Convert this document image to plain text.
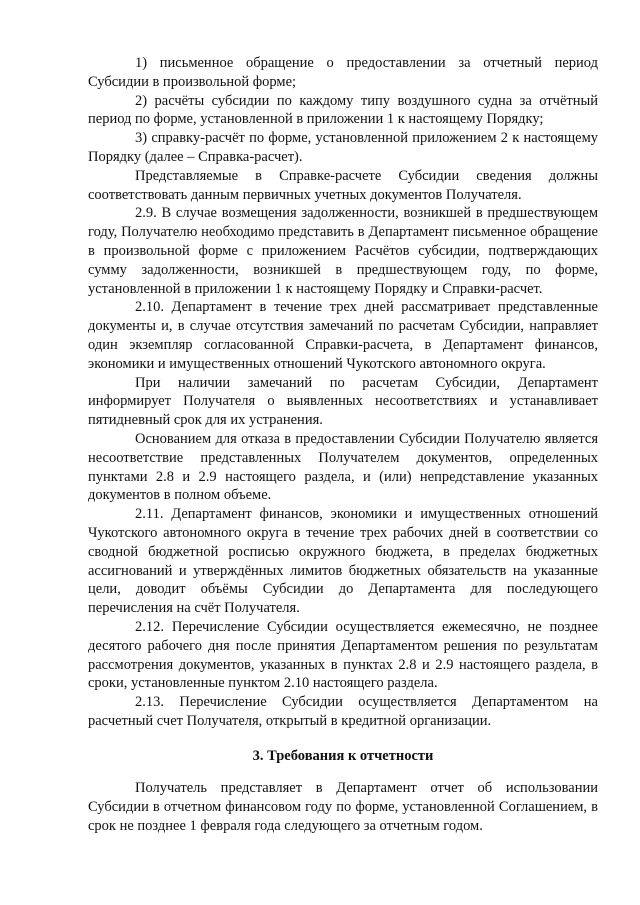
1) письменное обращение о предоставлении за отчетный период Субсидии в произвольной форме;

2) расчёты субсидии по каждому типу воздушного судна за отчётный период по форме, установленной в приложении 1 к настоящему Порядку;

3) справку-расчёт по форме, установленной приложением 2 к настоящему Порядку (далее – Справка-расчет).

Представляемые в Справке-расчете Субсидии сведения должны соответствовать данным первичных учетных документов Получателя.

2.9. В случае возмещения задолженности, возникшей в предшествующем году, Получателю необходимо представить в Департамент письменное обращение в произвольной форме с приложением Расчётов субсидии, подтверждающих сумму задолженности, возникшей в предшествующем году, по форме, установленной в приложении 1 к настоящему Порядку и Справки-расчет.

2.10. Департамент в течение трех дней рассматривает представленные документы и, в случае отсутствия замечаний по расчетам Субсидии, направляет один экземпляр согласованной Справки-расчета, в Департамент финансов, экономики и имущественных отношений Чукотского автономного округа.

При наличии замечаний по расчетам Субсидии, Департамент информирует Получателя о выявленных несоответствиях и устанавливает пятидневный срок для их устранения.

Основанием для отказа в предоставлении Субсидии Получателю является несоответствие представленных Получателем документов, определенных пунктами 2.8 и 2.9 настоящего раздела, и (или) непредставление указанных документов в полном объеме.

2.11. Департамент финансов, экономики и имущественных отношений Чукотского автономного округа в течение трех рабочих дней в соответствии со сводной бюджетной росписью окружного бюджета, в пределах бюджетных ассигнований и утверждённых лимитов бюджетных обязательств на указанные цели, доводит объёмы Субсидии до Департамента для последующего перечисления на счёт Получателя.

2.12. Перечисление Субсидии осуществляется ежемесячно, не позднее десятого рабочего дня после принятия Департаментом решения по результатам рассмотрения документов, указанных в пунктах 2.8 и 2.9 настоящего раздела, в сроки, установленные пунктом 2.10 настоящего раздела.

2.13. Перечисление Субсидии осуществляется Департаментом на расчетный счет Получателя, открытый в кредитной организации.

3. Требования к отчетности

Получатель представляет в Департамент отчет об использовании Субсидии в отчетном финансовом году по форме, установленной Соглашением, в срок не позднее 1 февраля года следующего за отчетным годом.
